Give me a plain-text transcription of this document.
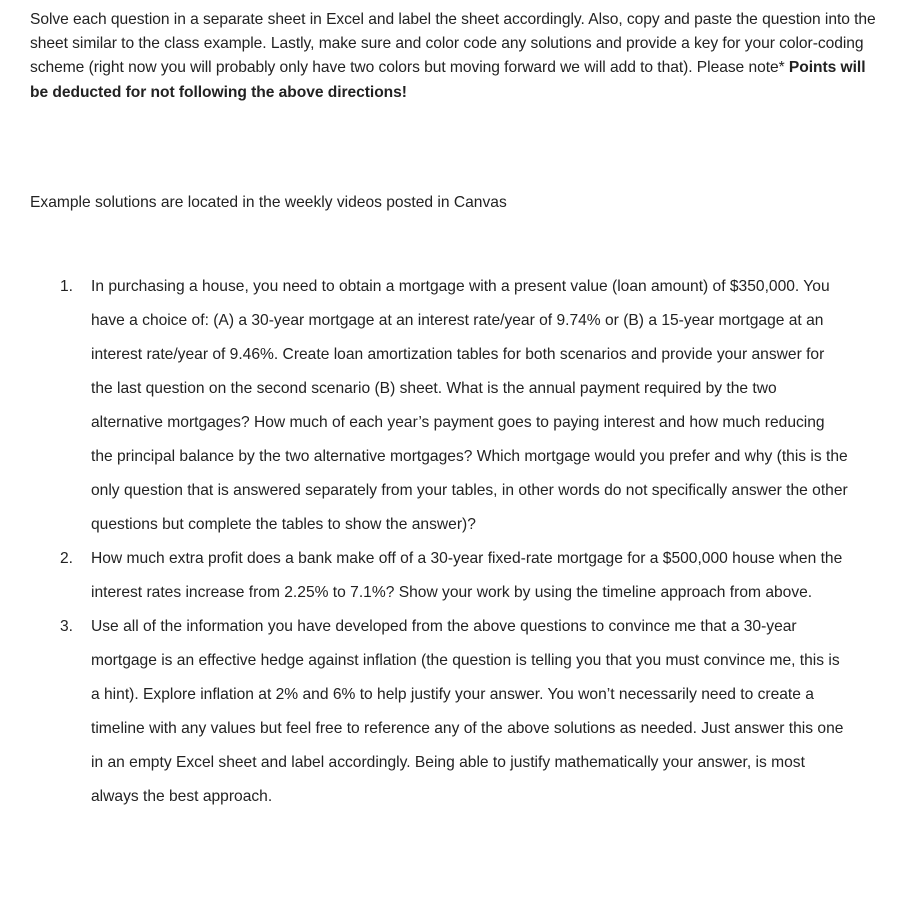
Solve each question in a separate sheet in Excel and label the sheet accordingly. Also, copy and paste the question into the sheet similar to the class example. Lastly, make sure and color code any solutions and provide a key for your color-coding scheme (right now you will probably only have two colors but moving forward we will add to that). Please note* Points will be deducted for not following the above directions!

Example solutions are located in the weekly videos posted in Canvas

1.	In purchasing a house, you need to obtain a mortgage with a present value (loan amount) of $350,000. You have a choice of: (A) a 30-year mortgage at an interest rate/year of 9.74% or (B) a 15-year mortgage at an interest rate/year of 9.46%. Create loan amortization tables for both scenarios and provide your answer for the last question on the second scenario (B) sheet. What is the annual payment required by the two alternative mortgages? How much of each year’s payment goes to paying interest and how much reducing the principal balance by the two alternative mortgages? Which mortgage would you prefer and why (this is the only question that is answered separately from your tables, in other words do not specifically answer the other questions but complete the tables to show the answer)?
2.	How much extra profit does a bank make off of a 30-year fixed-rate mortgage for a $500,000 house when the interest rates increase from 2.25% to 7.1%? Show your work by using the timeline approach from above.
3.	Use all of the information you have developed from the above questions to convince me that a 30-year mortgage is an effective hedge against inflation (the question is telling you that you must convince me, this is a hint). Explore inflation at 2% and 6% to help justify your answer. You won’t necessarily need to create a timeline with any values but feel free to reference any of the above solutions as needed. Just answer this one in an empty Excel sheet and label accordingly. Being able to justify mathematically your answer, is most always the best approach.
